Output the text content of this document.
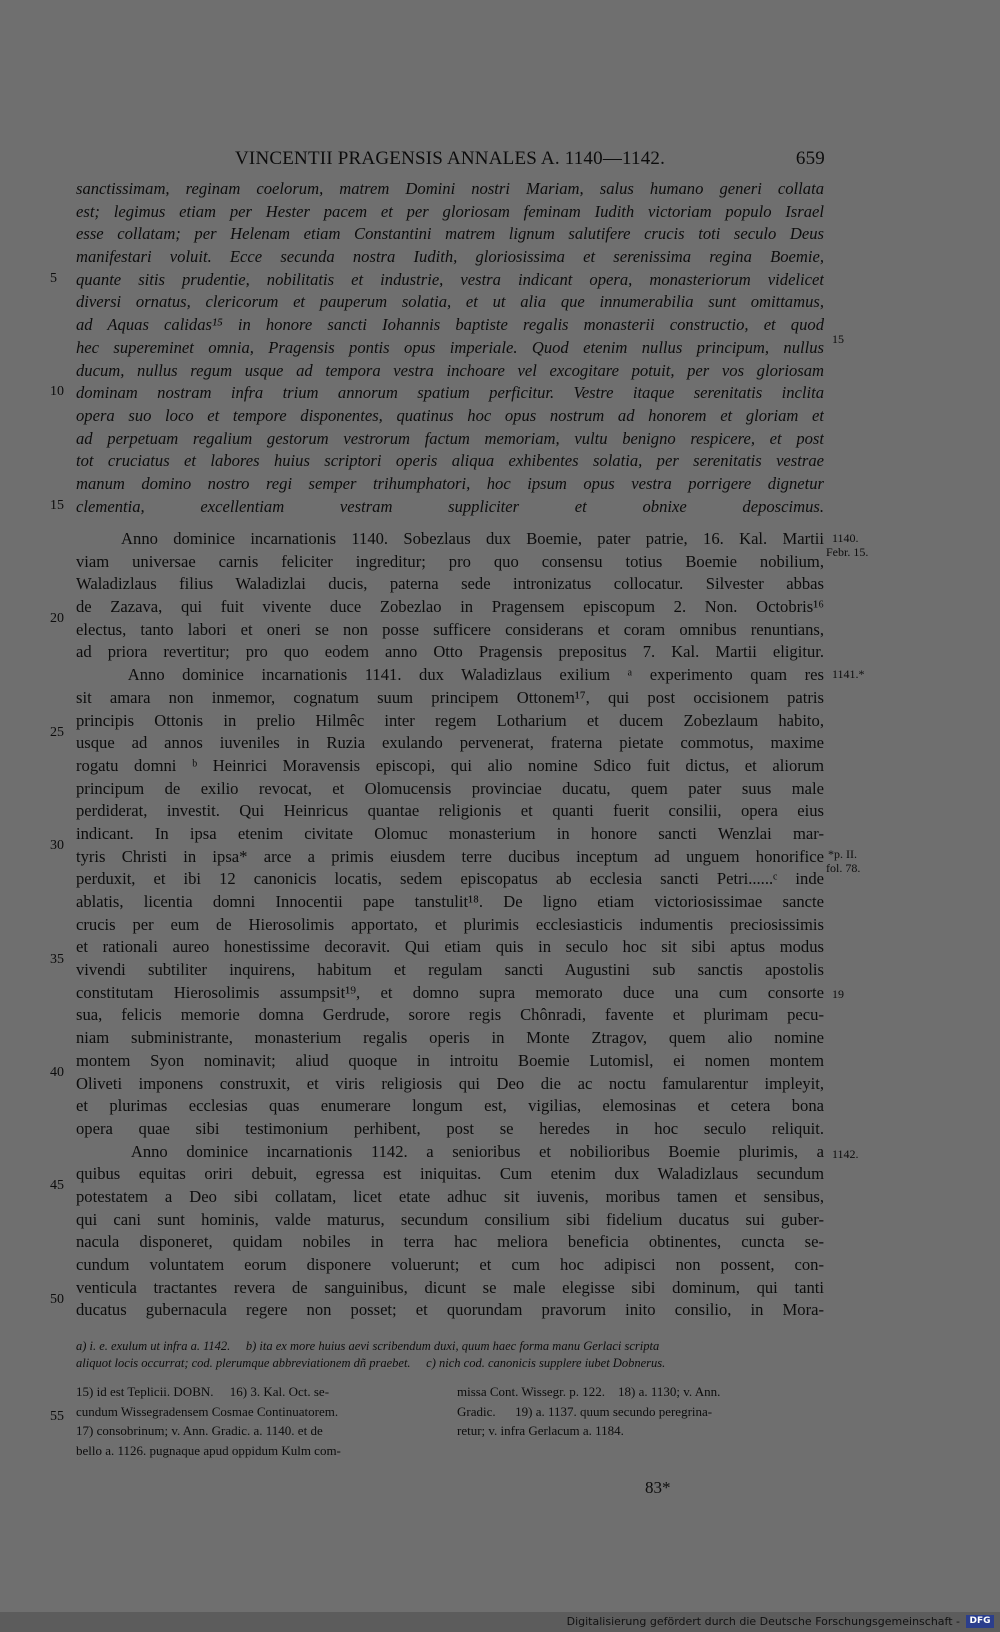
VINCENTII PRAGENSIS ANNALES A. 1140—1142.	659
sanctissimam, reginam coelorum, matrem Domini nostri Mariam, salus humano generi collata
est; legimus etiam per Hester pacem et per gloriosam feminam Iudith victoriam populo Israel
esse collatam; per Helenam etiam Constantini matrem lignum salutifere crucis toti seculo Deus
manifestari voluit. Ecce secunda nostra Iudith, gloriosissima et serenissima regina Boemie,
quante sitis prudentie, nobilitatis et industrie, vestra indicant opera, monasteriorum videlicet
diversi ornatus, clericorum et pauperum solatia, et ut alia que innumerabilia sunt omittamus,
ad Aquas calidas¹⁵ in honore sancti Iohannis baptiste regalis monasterii constructio, et quod
hec supereminet omnia, Pragensis pontis opus imperiale. Quod etenim nullus principum, nullus
ducum, nullus regum usque ad tempora vestra inchoare vel excogitare potuit, per vos gloriosam
dominam nostram infra trium annorum spatium perficitur. Vestre itaque serenitatis inclita
opera suo loco et tempore disponentes, quatinus hoc opus nostrum ad honorem et gloriam et
ad perpetuam regalium gestorum vestrorum factum memoriam, vultu benigno respicere, et post
tot cruciatus et labores huius scriptori operis aliqua exhibentes solatia, per serenitatis vestrae
manum domino nostro regi semper trihumphatori, hoc ipsum opus vestra porrigere dignetur
clementia, excellentiam vestram suppliciter et obnixe deposcimus.
Anno dominice incarnationis 1140. Sobezlaus dux Boemie, pater patrie, 16. Kal. Martii
viam universae carnis feliciter ingreditur; pro quo consensu totius Boemie nobilium,
Waladizlaus filius Waladizlai ducis, paterna sede intronizatus collocatur. Silvester abbas
de Zazava, qui fuit vivente duce Zobezlao in Pragensem episcopum 2. Non. Octobris¹⁶
electus, tanto labori et oneri se non posse sufficere considerans et coram omnibus renuntians,
ad priora revertitur; pro quo eodem anno Otto Pragensis prepositus 7. Kal. Martii eligitur.
Anno dominice incarnationis 1141. dux Waladizlaus exilium ᵃ experimento quam res
sit amara non inmemor, cognatum suum principem Ottonem¹⁷, qui post occisionem patris
principis Ottonis in prelio Hilmêc inter regem Lotharium et ducem Zobezlaum habito,
usque ad annos iuveniles in Ruzia exulando pervenerat, fraterna pietate commotus, maxime
rogatu domni ᵇ Heinrici Moravensis episcopi, qui alio nomine Sdico fuit dictus, et aliorum
principum de exilio revocat, et Olomucensis provinciae ducatu, quem pater suus male
perdiderat, investit. Qui Heinricus quantae religionis et quanti fuerit consilii, opera eius
indicant. In ipsa etenim civitate Olomuc monasterium in honore sancti Wenzlai mar-
tyris Christi in ipsa* arce a primis eiusdem terre ducibus inceptum ad unguem honorifice
perduxit, et ibi 12 canonicis locatis, sedem episcopatus ab ecclesia sancti Petri......ᶜ inde
ablatis, licentia domni Innocentii pape tanstulit¹⁸. De ligno etiam victoriosissimae sancte
crucis per eum de Hierosolimis apportato, et plurimis ecclesiasticis indumentis preciosissimis
et rationali aureo honestissime decoravit. Qui etiam quis in seculo hoc sit sibi aptus modus
vivendi subtiliter inquirens, habitum et regulam sancti Augustini sub sanctis apostolis
constitutam Hierosolimis assumpsit¹⁹, et domno supra memorato duce una cum consorte
sua, felicis memorie domna Gerdrude, sorore regis Chônradi, favente et plurimam pecu-
niam subministrante, monasterium regalis operis in Monte Ztragov, quem alio nomine
montem Syon nominavit; aliud quoque in introitu Boemie Lutomisl, ei nomen montem
Oliveti imponens construxit, et viris religiosis qui Deo die ac noctu famularentur impleyit,
et plurimas ecclesias quas enumerare longum est, vigilias, elemosinas et cetera bona
opera quae sibi testimonium perhibent, post se heredes in hoc seculo reliquit.
Anno dominice incarnationis 1142. a senioribus et nobilioribus Boemie plurimis, a
quibus equitas oriri debuit, egressa est iniquitas. Cum etenim dux Waladizlaus secundum
potestatem a Deo sibi collatam, licet etate adhuc sit iuvenis, moribus tamen et sensibus,
qui cani sunt hominis, valde maturus, secundum consilium sibi fidelium ducatus sui guber-
nacula disponeret, quidam nobiles in terra hac meliora beneficia obtinentes, cuncta se-
cundum voluntatem eorum disponere voluerunt; et cum hoc adipisci non possent, con-
venticula tractantes revera de sanguinibus, dicunt se male elegisse sibi dominum, qui tanti
ducatus gubernacula regere non posset; et quorundam pravorum inito consilio, in Mora-
5
10
15
20
25
30
35
40
45
50
55
15
1140.
Febr. 15.
1141.*
*p. II.
fol. 78.
19
1142.
a) i. e. exulum ut infra a. 1142.     b) ita ex more huius aevi scribendum duxi, quum haec forma manu Gerlaci scripta
aliquot locis occurrat; cod. plerumque abbreviationem dñ praebet.     c) nich cod. canonicis supplere iubet Dobnerus.
15) id est Teplicii. DOBN.     16) 3. Kal. Oct. se-
cundum Wissegradensem Cosmae Continuatorem.
17) consobrinum; v. Ann. Gradic. a. 1140. et de
bello a. 1126. pugnaque apud oppidum Kulm com-
missa Cont. Wissegr. p. 122.    18) a. 1130; v. Ann.
Gradic.      19) a. 1137. quum secundo peregrina-
retur; v. infra Gerlacum a. 1184.
83*
Digitalisierung gefördert durch die Deutsche Forschungsgemeinschaft -	DFG
